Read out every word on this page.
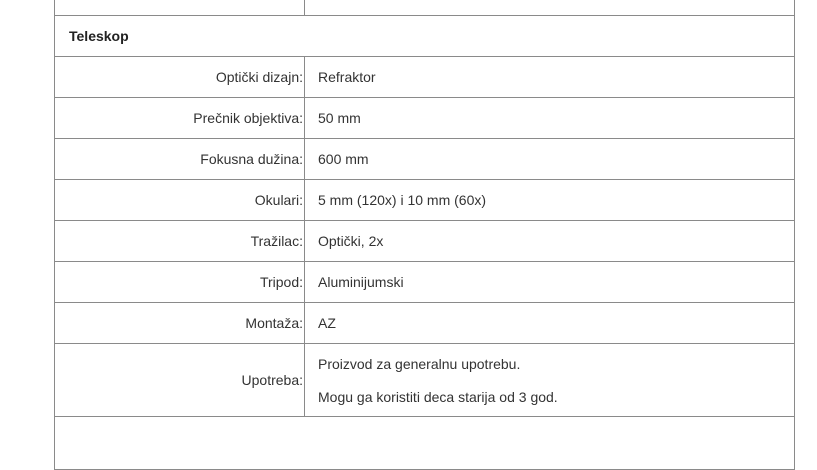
Teleskop	
Optički dizajn:	Refraktor
Prečnik objektiva:	50 mm
Fokusna dužina:	600 mm
Okulari:	5 mm (120x) i 10 mm (60x)
Tražilac:	Optički, 2x
Tripod:	Aluminijumski
Montaža:	AZ
Upotreba:	Proizvod za generalnu upotrebu.

Mogu ga koristiti deca starija od 3 god.
